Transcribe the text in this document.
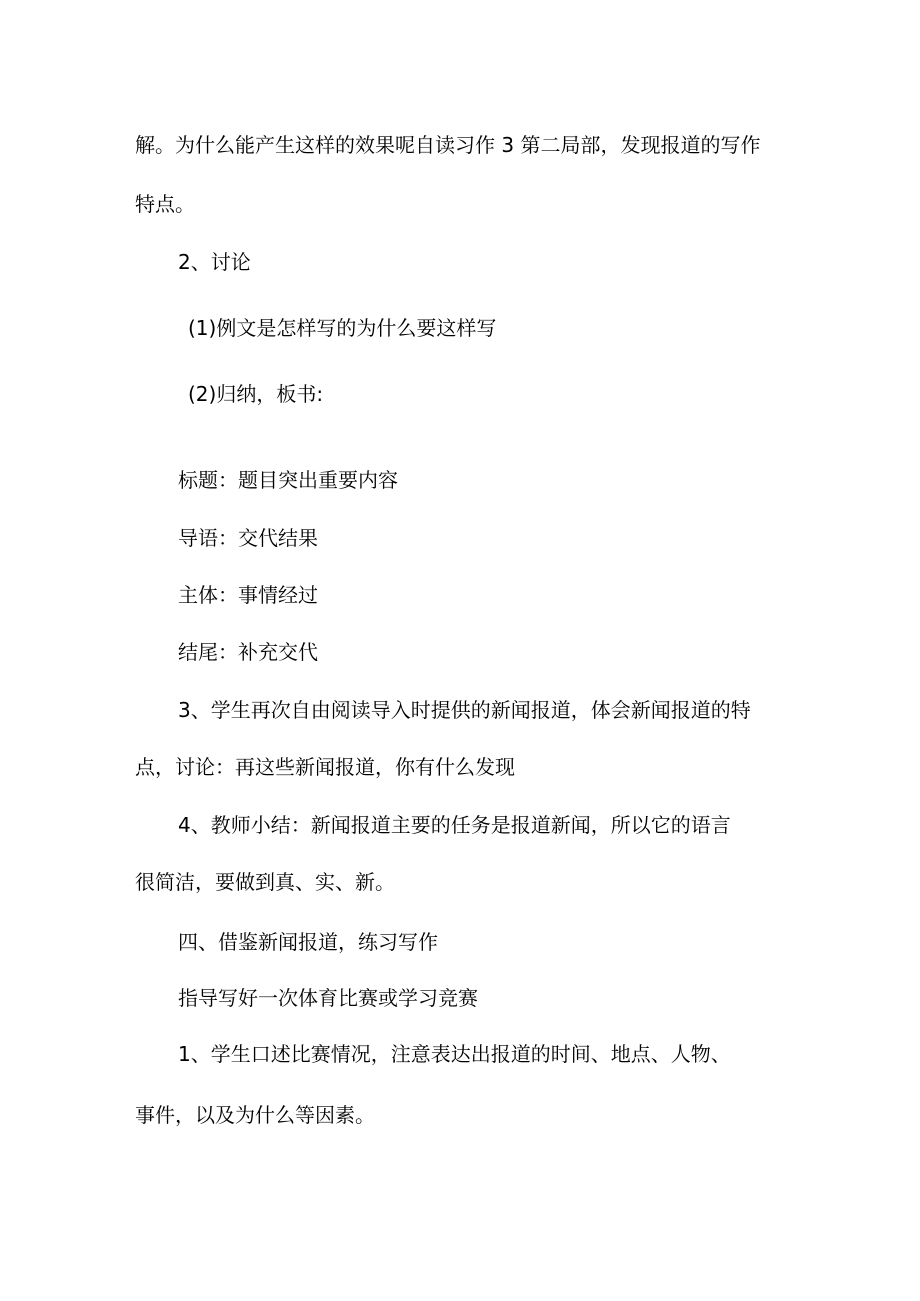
解。为什么能产生这样的效果呢自读习作 3 第二局部，发现报道的写作

特点。

2、讨论

(1)例文是怎样写的为什么要这样写

(2)归纳，板书:

标题：题目突出重要内容

导语：交代结果

主体：事情经过

结尾：补充交代

3、学生再次自由阅读导入时提供的新闻报道，体会新闻报道的特

点，讨论：再这些新闻报道，你有什么发现

4、教师小结：新闻报道主要的任务是报道新闻，所以它的语言

很简洁，要做到真、实、新。

四、借鉴新闻报道，练习写作

指导写好一次体育比赛或学习竞赛

1、学生口述比赛情况，注意表达出报道的时间、地点、人物、

事件，以及为什么等因素。
